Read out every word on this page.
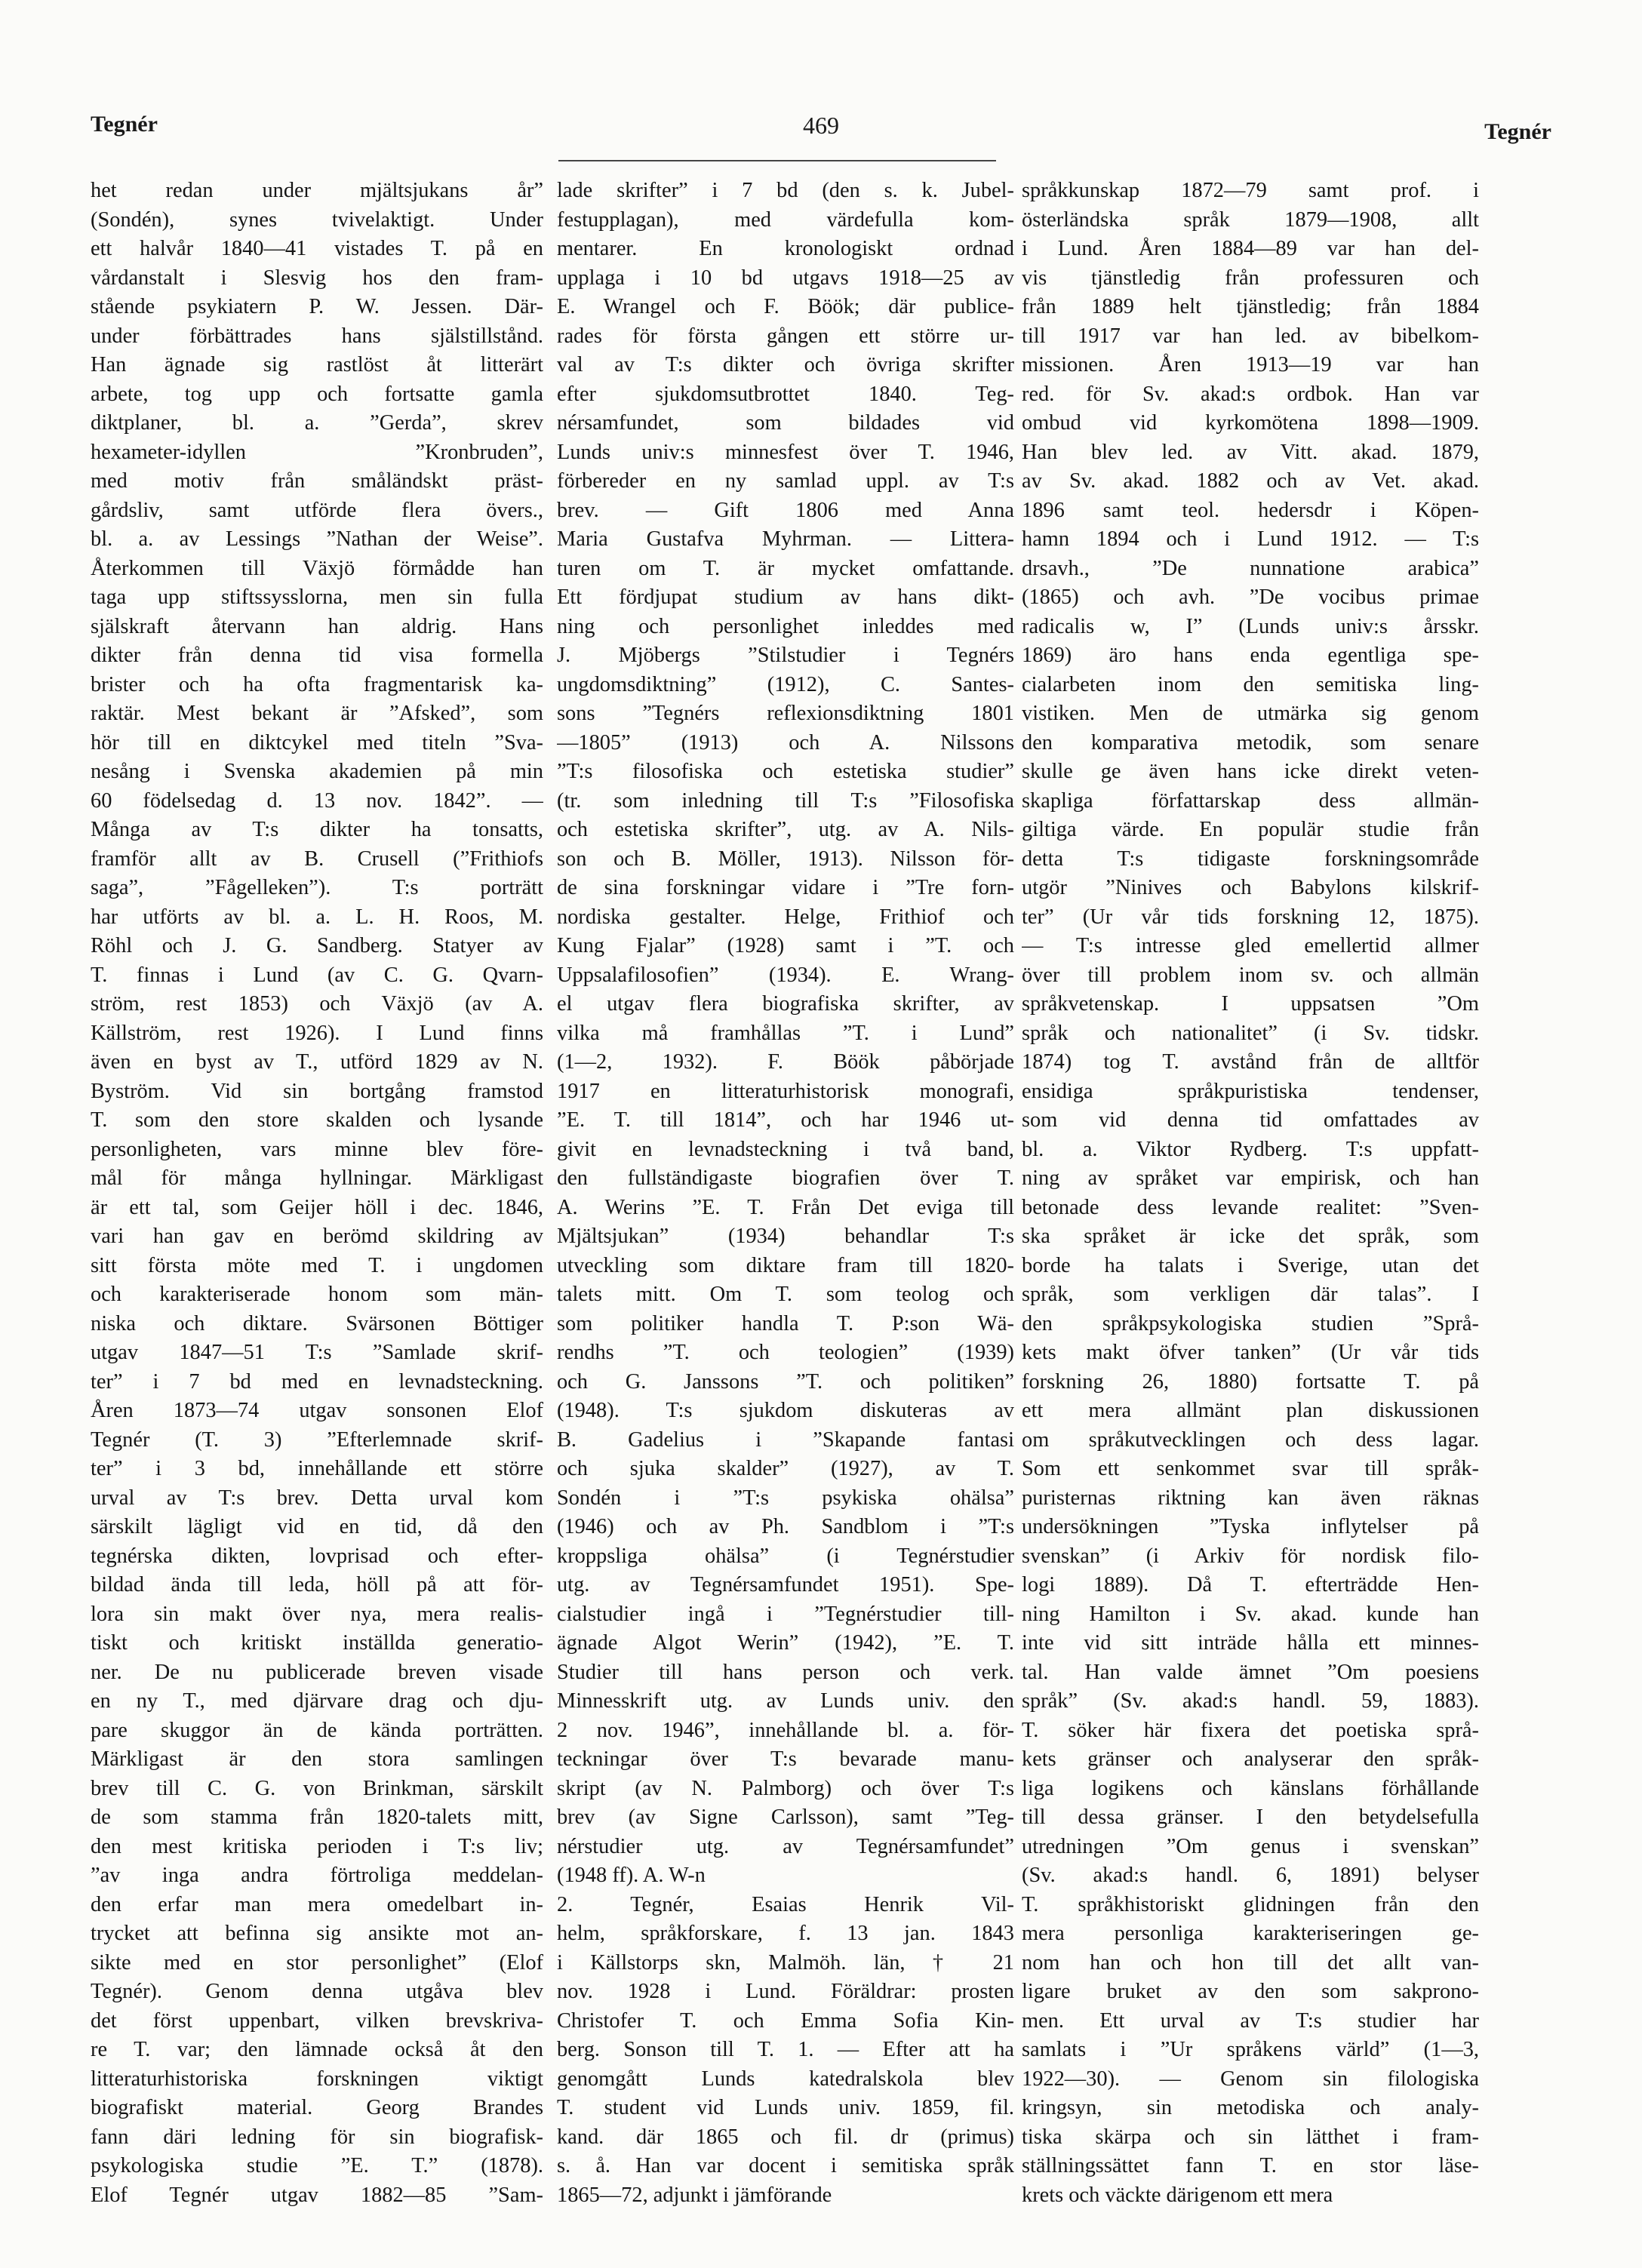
Tegnér	469	Tegnér
het redan under mjältsjukans år”
(Sondén), synes tvivelaktigt. Under
ett halvår 1840—41 vistades T. på en
vårdanstalt i Slesvig hos den fram-
stående psykiatern P. W. Jessen. Där-
under förbättrades hans själstillstånd.
Han ägnade sig rastlöst åt litterärt
arbete, tog upp och fortsatte gamla
diktplaner, bl. a. ”Gerda”, skrev
hexameter-idyllen ”Kronbruden”,
med motiv från småländskt präst-
gårdsliv, samt utförde flera övers.,
bl. a. av Lessings ”Nathan der Weise”.
Återkommen till Växjö förmådde han
taga upp stiftssysslorna, men sin fulla
själskraft återvann han aldrig. Hans
dikter från denna tid visa formella
brister och ha ofta fragmentarisk ka-
raktär. Mest bekant är ”Afsked”, som
hör till en diktcykel med titeln ”Sva-
nesång i Svenska akademien på min
60 födelsedag d. 13 nov. 1842”. —
Många av T:s dikter ha tonsatts,
framför allt av B. Crusell (”Frithiofs
saga”, ”Fågelleken”). T:s porträtt
har utförts av bl. a. L. H. Roos, M.
Röhl och J. G. Sandberg. Statyer av
T. finnas i Lund (av C. G. Qvarn-
ström, rest 1853) och Växjö (av A.
Källström, rest 1926). I Lund finns
även en byst av T., utförd 1829 av N.
Byström. Vid sin bortgång framstod
T. som den store skalden och lysande
personligheten, vars minne blev före-
mål för många hyllningar. Märkligast
är ett tal, som Geijer höll i dec. 1846,
vari han gav en berömd skildring av
sitt första möte med T. i ungdomen
och karakteriserade honom som män-
niska och diktare. Svärsonen Böttiger
utgav 1847—51 T:s ”Samlade skrif-
ter” i 7 bd med en levnadsteckning.
Åren 1873—74 utgav sonsonen Elof
Tegnér (T. 3) ”Efterlemnade skrif-
ter” i 3 bd, innehållande ett större
urval av T:s brev. Detta urval kom
särskilt lägligt vid en tid, då den
tegnérska dikten, lovprisad och efter-
bildad ända till leda, höll på att för-
lora sin makt över nya, mera realis-
tiskt och kritiskt inställda generatio-
ner. De nu publicerade breven visade
en ny T., med djärvare drag och dju-
pare skuggor än de kända porträtten.
Märkligast är den stora samlingen
brev till C. G. von Brinkman, särskilt
de som stamma från 1820-talets mitt,
den mest kritiska perioden i T:s liv;
”av inga andra förtroliga meddelan-
den erfar man mera omedelbart in-
trycket att befinna sig ansikte mot an-
sikte med en stor personlighet” (Elof
Tegnér). Genom denna utgåva blev
det först uppenbart, vilken brevskriva-
re T. var; den lämnade också åt den
litteraturhistoriska forskningen viktigt
biografiskt material. Georg Brandes
fann däri ledning för sin biografisk-
psykologiska studie ”E. T.” (1878).
Elof Tegnér utgav 1882—85 ”Sam-
lade skrifter” i 7 bd (den s. k. Jubel-
festupplagan), med värdefulla kom-
mentarer. En kronologiskt ordnad
upplaga i 10 bd utgavs 1918—25 av
E. Wrangel och F. Böök; där publice-
rades för första gången ett större ur-
val av T:s dikter och övriga skrifter
efter sjukdomsutbrottet 1840. Teg-
nérsamfundet, som bildades vid
Lunds univ:s minnesfest över T. 1946,
förbereder en ny samlad uppl. av T:s
brev. — Gift 1806 med Anna
Maria Gustafva Myhrman. — Littera-
turen om T. är mycket omfattande.
Ett fördjupat studium av hans dikt-
ning och personlighet inleddes med
J. Mjöbergs ”Stilstudier i Tegnérs
ungdomsdiktning” (1912), C. Santes-
sons ”Tegnérs reflexionsdiktning 1801
—1805” (1913) och A. Nilssons
”T:s filosofiska och estetiska studier”
(tr. som inledning till T:s ”Filosofiska
och estetiska skrifter”, utg. av A. Nils-
son och B. Möller, 1913). Nilsson för-
de sina forskningar vidare i ”Tre forn-
nordiska gestalter. Helge, Frithiof och
Kung Fjalar” (1928) samt i ”T. och
Uppsalafilosofien” (1934). E. Wrang-
el utgav flera biografiska skrifter, av
vilka må framhållas ”T. i Lund”
(1—2, 1932). F. Böök påbörjade
1917 en litteraturhistorisk monografi,
”E. T. till 1814”, och har 1946 ut-
givit en levnadsteckning i två band,
den fullständigaste biografien över T.
A. Werins ”E. T. Från Det eviga till
Mjältsjukan” (1934) behandlar T:s
utveckling som diktare fram till 1820-
talets mitt. Om T. som teolog och
som politiker handla T. P:son Wä-
rendhs ”T. och teologien” (1939)
och G. Janssons ”T. och politiken”
(1948). T:s sjukdom diskuteras av
B. Gadelius i ”Skapande fantasi
och sjuka skalder” (1927), av T.
Sondén i ”T:s psykiska ohälsa”
(1946) och av Ph. Sandblom i ”T:s
kroppsliga ohälsa” (i Tegnérstudier
utg. av Tegnérsamfundet 1951). Spe-
cialstudier ingå i ”Tegnérstudier till-
ägnade Algot Werin” (1942), ”E. T.
Studier till hans person och verk.
Minnesskrift utg. av Lunds univ. den
2 nov. 1946”, innehållande bl. a. för-
teckningar över T:s bevarade manu-
skript (av N. Palmborg) och över T:s
brev (av Signe Carlsson), samt ”Teg-
nérstudier utg. av Tegnérsamfundet”
(1948 ff). A. W-n
2. Tegnér, Esaias Henrik Vil-
helm, språkforskare, f. 13 jan. 1843
i Källstorps skn, Malmöh. län, † 21
nov. 1928 i Lund. Föräldrar: prosten
Christofer T. och Emma Sofia Kin-
berg. Sonson till T. 1. — Efter att ha
genomgått Lunds katedralskola blev
T. student vid Lunds univ. 1859, fil.
kand. där 1865 och fil. dr (primus)
s. å. Han var docent i semitiska språk
1865—72, adjunkt i jämförande
språkkunskap 1872—79 samt prof. i
österländska språk 1879—1908, allt
i Lund. Åren 1884—89 var han del-
vis tjänstledig från professuren och
från 1889 helt tjänstledig; från 1884
till 1917 var han led. av bibelkom-
missionen. Åren 1913—19 var han
red. för Sv. akad:s ordbok. Han var
ombud vid kyrkomötena 1898—1909.
Han blev led. av Vitt. akad. 1879,
av Sv. akad. 1882 och av Vet. akad.
1896 samt teol. hedersdr i Köpen-
hamn 1894 och i Lund 1912. — T:s
drsavh., ”De nunnatione arabica”
(1865) och avh. ”De vocibus primae
radicalis w, I” (Lunds univ:s årsskr.
1869) äro hans enda egentliga spe-
cialarbeten inom den semitiska ling-
vistiken. Men de utmärka sig genom
den komparativa metodik, som senare
skulle ge även hans icke direkt veten-
skapliga författarskap dess allmän-
giltiga värde. En populär studie från
detta T:s tidigaste forskningsområde
utgör ”Ninives och Babylons kilskrif-
ter” (Ur vår tids forskning 12, 1875).
— T:s intresse gled emellertid allmer
över till problem inom sv. och allmän
språkvetenskap. I uppsatsen ”Om
språk och nationalitet” (i Sv. tidskr.
1874) tog T. avstånd från de alltför
ensidiga språkpuristiska tendenser,
som vid denna tid omfattades av
bl. a. Viktor Rydberg. T:s uppfatt-
ning av språket var empirisk, och han
betonade dess levande realitet: ”Sven-
ska språket är icke det språk, som
borde ha talats i Sverige, utan det
språk, som verkligen där talas”. I
den språkpsykologiska studien ”Språ-
kets makt öfver tanken” (Ur vår tids
forskning 26, 1880) fortsatte T. på
ett mera allmänt plan diskussionen
om språkutvecklingen och dess lagar.
Som ett senkommet svar till språk-
puristernas riktning kan även räknas
undersökningen ”Tyska inflytelser på
svenskan” (i Arkiv för nordisk filo-
logi 1889). Då T. efterträdde Hen-
ning Hamilton i Sv. akad. kunde han
inte vid sitt inträde hålla ett minnes-
tal. Han valde ämnet ”Om poesiens
språk” (Sv. akad:s handl. 59, 1883).
T. söker här fixera det poetiska språ-
kets gränser och analyserar den språk-
liga logikens och känslans förhållande
till dessa gränser. I den betydelsefulla
utredningen ”Om genus i svenskan”
(Sv. akad:s handl. 6, 1891) belyser
T. språkhistoriskt glidningen från den
mera personliga karakteriseringen ge-
nom han och hon till det allt van-
ligare bruket av den som sakprono-
men. Ett urval av T:s studier har
samlats i ”Ur språkens värld” (1—3,
1922—30). — Genom sin filologiska
kringsyn, sin metodiska och analy-
tiska skärpa och sin lätthet i fram-
ställningssättet fann T. en stor läse-
krets och väckte därigenom ett mera
